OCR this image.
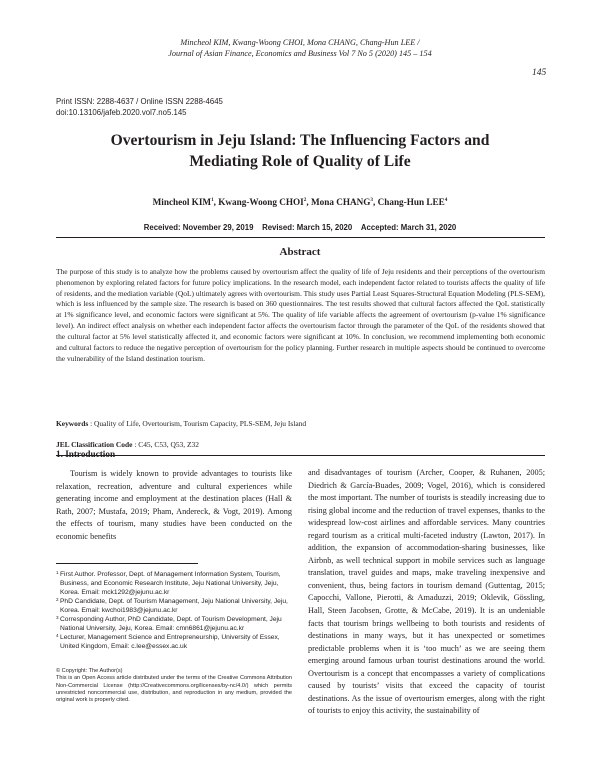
Mincheol KIM, Kwang-Woong CHOI, Mona CHANG, Chang-Hun LEE /
Journal of Asian Finance, Economics and Business Vol 7 No 5 (2020) 145 – 154
145
Print ISSN: 2288-4637 / Online ISSN 2288-4645
doi:10.13106/jafeb.2020.vol7.no5.145
Overtourism in Jeju Island: The Influencing Factors and
Mediating Role of Quality of Life
Mincheol KIM$^1$, Kwang-Woong CHOI$^2$, Mona CHANG$^3$, Chang-Hun LEE$^4$
Received: November 29, 2019 Revised: March 15, 2020 Accepted: March 31, 2020
Abstract
The purpose of this study is to analyze how the problems caused by overtourism affect the quality of life of Jeju residents and their perceptions of the overtourism phenomenon by exploring related factors for future policy implications. In the research model, each independent factor related to tourists affects the quality of life of residents, and the mediation variable (QoL) ultimately agrees with overtourism. This study uses Partial Least Squares-Structural Equation Modeling (PLS-SEM), which is less influenced by the sample size. The research is based on 360 questionnaires. The test results showed that cultural factors affected the QoL statistically at 1% significance level, and economic factors were significant at 5%. The quality of life variable affects the agreement of overtourism (p-value 1% significance level). An indirect effect analysis on whether each independent factor affects the overtourism factor through the parameter of the QoL of the residents showed that the cultural factor at 5% level statistically affected it, and economic factors were significant at 10%. In conclusion, we recommend implementing both economic and cultural factors to reduce the negative perception of overtourism for the policy planning. Further research in multiple aspects should be continued to overcome the vulnerability of the Island destination tourism.
Keywords : Quality of Life, Overtourism, Tourism Capacity, PLS-SEM, Jeju Island
JEL Classification Code : C45, C53, Q53, Z32
1. Introduction
Tourism is widely known to provide advantages to tourists like relaxation, recreation, adventure and cultural experiences while generating income and employment at the destination places (Hall & Rath, 2007; Mustafa, 2019; Pham, Andereck, & Vogt, 2019). Among the effects of tourism, many studies have been conducted on the economic benefits
and disadvantages of tourism (Archer, Cooper, & Ruhanen, 2005; Diedrich & García-Buades, 2009; Vogel, 2016), which is considered the most important. The number of tourists is steadily increasing due to rising global income and the reduction of travel expenses, thanks to the widespread low-cost airlines and affordable services. Many countries regard tourism as a critical multi-faceted industry (Lawton, 2017). In addition, the expansion of accommodation-sharing businesses, like Airbnb, as well technical support in mobile services such as language translation, travel guides and maps, make traveling inexpensive and convenient, thus, being factors in tourism demand (Guttentag, 2015; Capocchi, Vallone, Pierotti, & Amaduzzi, 2019; Oklevik, Gössling, Hall, Steen Jacobsen, Grotte, & McCabe, 2019). It is an undeniable facts that tourism brings wellbeing to both tourists and residents of destinations in many ways, but it has unexpected or sometimes predictable problems when it is ‘too much’ as we are seeing them emerging around famous urban tourist destinations around the world. Overtourism is a concept that encompasses a variety of complications caused by tourists’ visits that exceed the capacity of tourist destinations. As the issue of overtourism emerges, along with the right of tourists to enjoy this activity, the sustainability of
1 First Author. Professor, Dept. of Management Information System, Tourism, Business, and Economic Research Institute, Jeju National University, Jeju, Korea. Email: mck1292@jejunu.ac.kr
2 PhD Candidate, Dept. of Tourism Management, Jeju National University, Jeju, Korea. Email: kwchoi1983@jejunu.ac.kr
3 Corresponding Author, PhD Candidate, Dept. of Tourism Development, Jeju National University, Jeju, Korea. Email: cmn6861@jejunu.ac.kr
4 Lecturer, Management Science and Entrepreneurship, University of Essex, United Kingdom, Email: c.lee@essex.ac.uk
© Copyright: The Author(s)
This is an Open Access article distributed under the terms of the Creative Commons Attribution Non-Commercial License (http://Creativecommons.org/licenses/by-nc/4.0/) which permits unrestricted noncommercial use, distribution, and reproduction in any medium, provided the original work is properly cited.
